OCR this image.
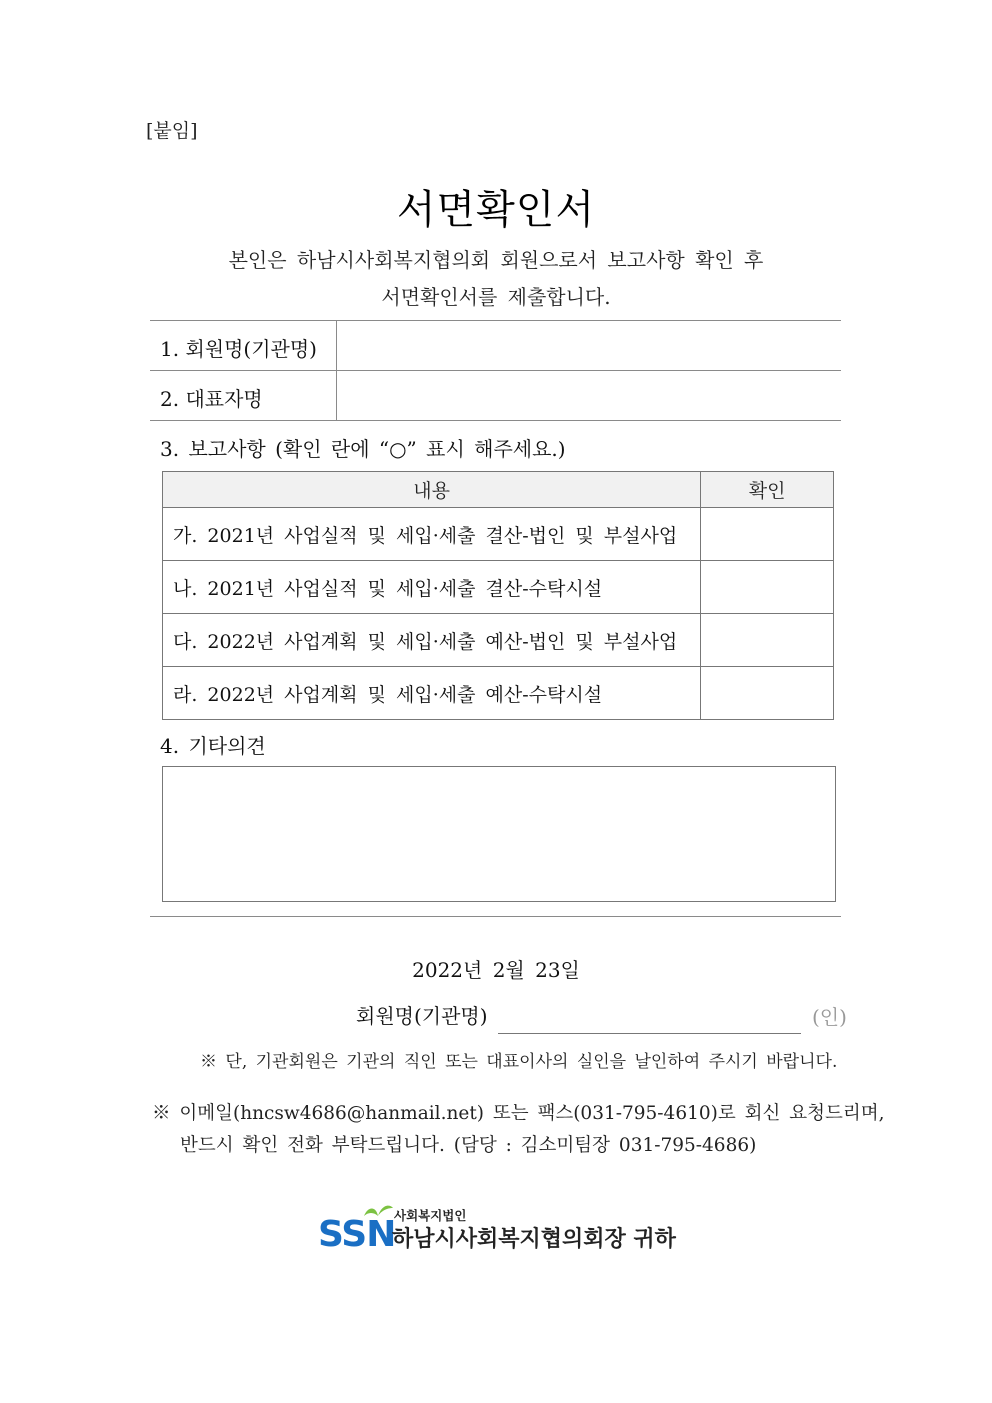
[붙임]
서면확인서
본인은 하남시사회복지협의회 회원으로서 보고사항 확인 후
서면확인서를 제출합니다.
1. 회원명(기관명)
2. 대표자명
3. 보고사항 (확인 란에 “○” 표시 해주세요.)
내용	확인
가. 2021년 사업실적 및 세입·세출 결산-법인 및 부설사업	
나. 2021년 사업실적 및 세입·세출 결산-수탁시설	
다. 2022년 사업계획 및 세입·세출 예산-법인 및 부설사업	
라. 2022년 사업계획 및 세입·세출 예산-수탁시설	
4. 기타의견
2022년 2월 23일
회원명(기관명)	(인)
※ 단, 기관회원은 기관의 직인 또는 대표이사의 실인을 날인하여 주시기 바랍니다.
※ 이메일(hncsw4686@hanmail.net) 또는 팩스(031-795-4610)로 회신 요청드리며,
반드시 확인 전화 부탁드립니다. (담당 : 김소미팀장 031-795-4686)
SSN
사회복지법인
하남시사회복지협의회장 귀하
